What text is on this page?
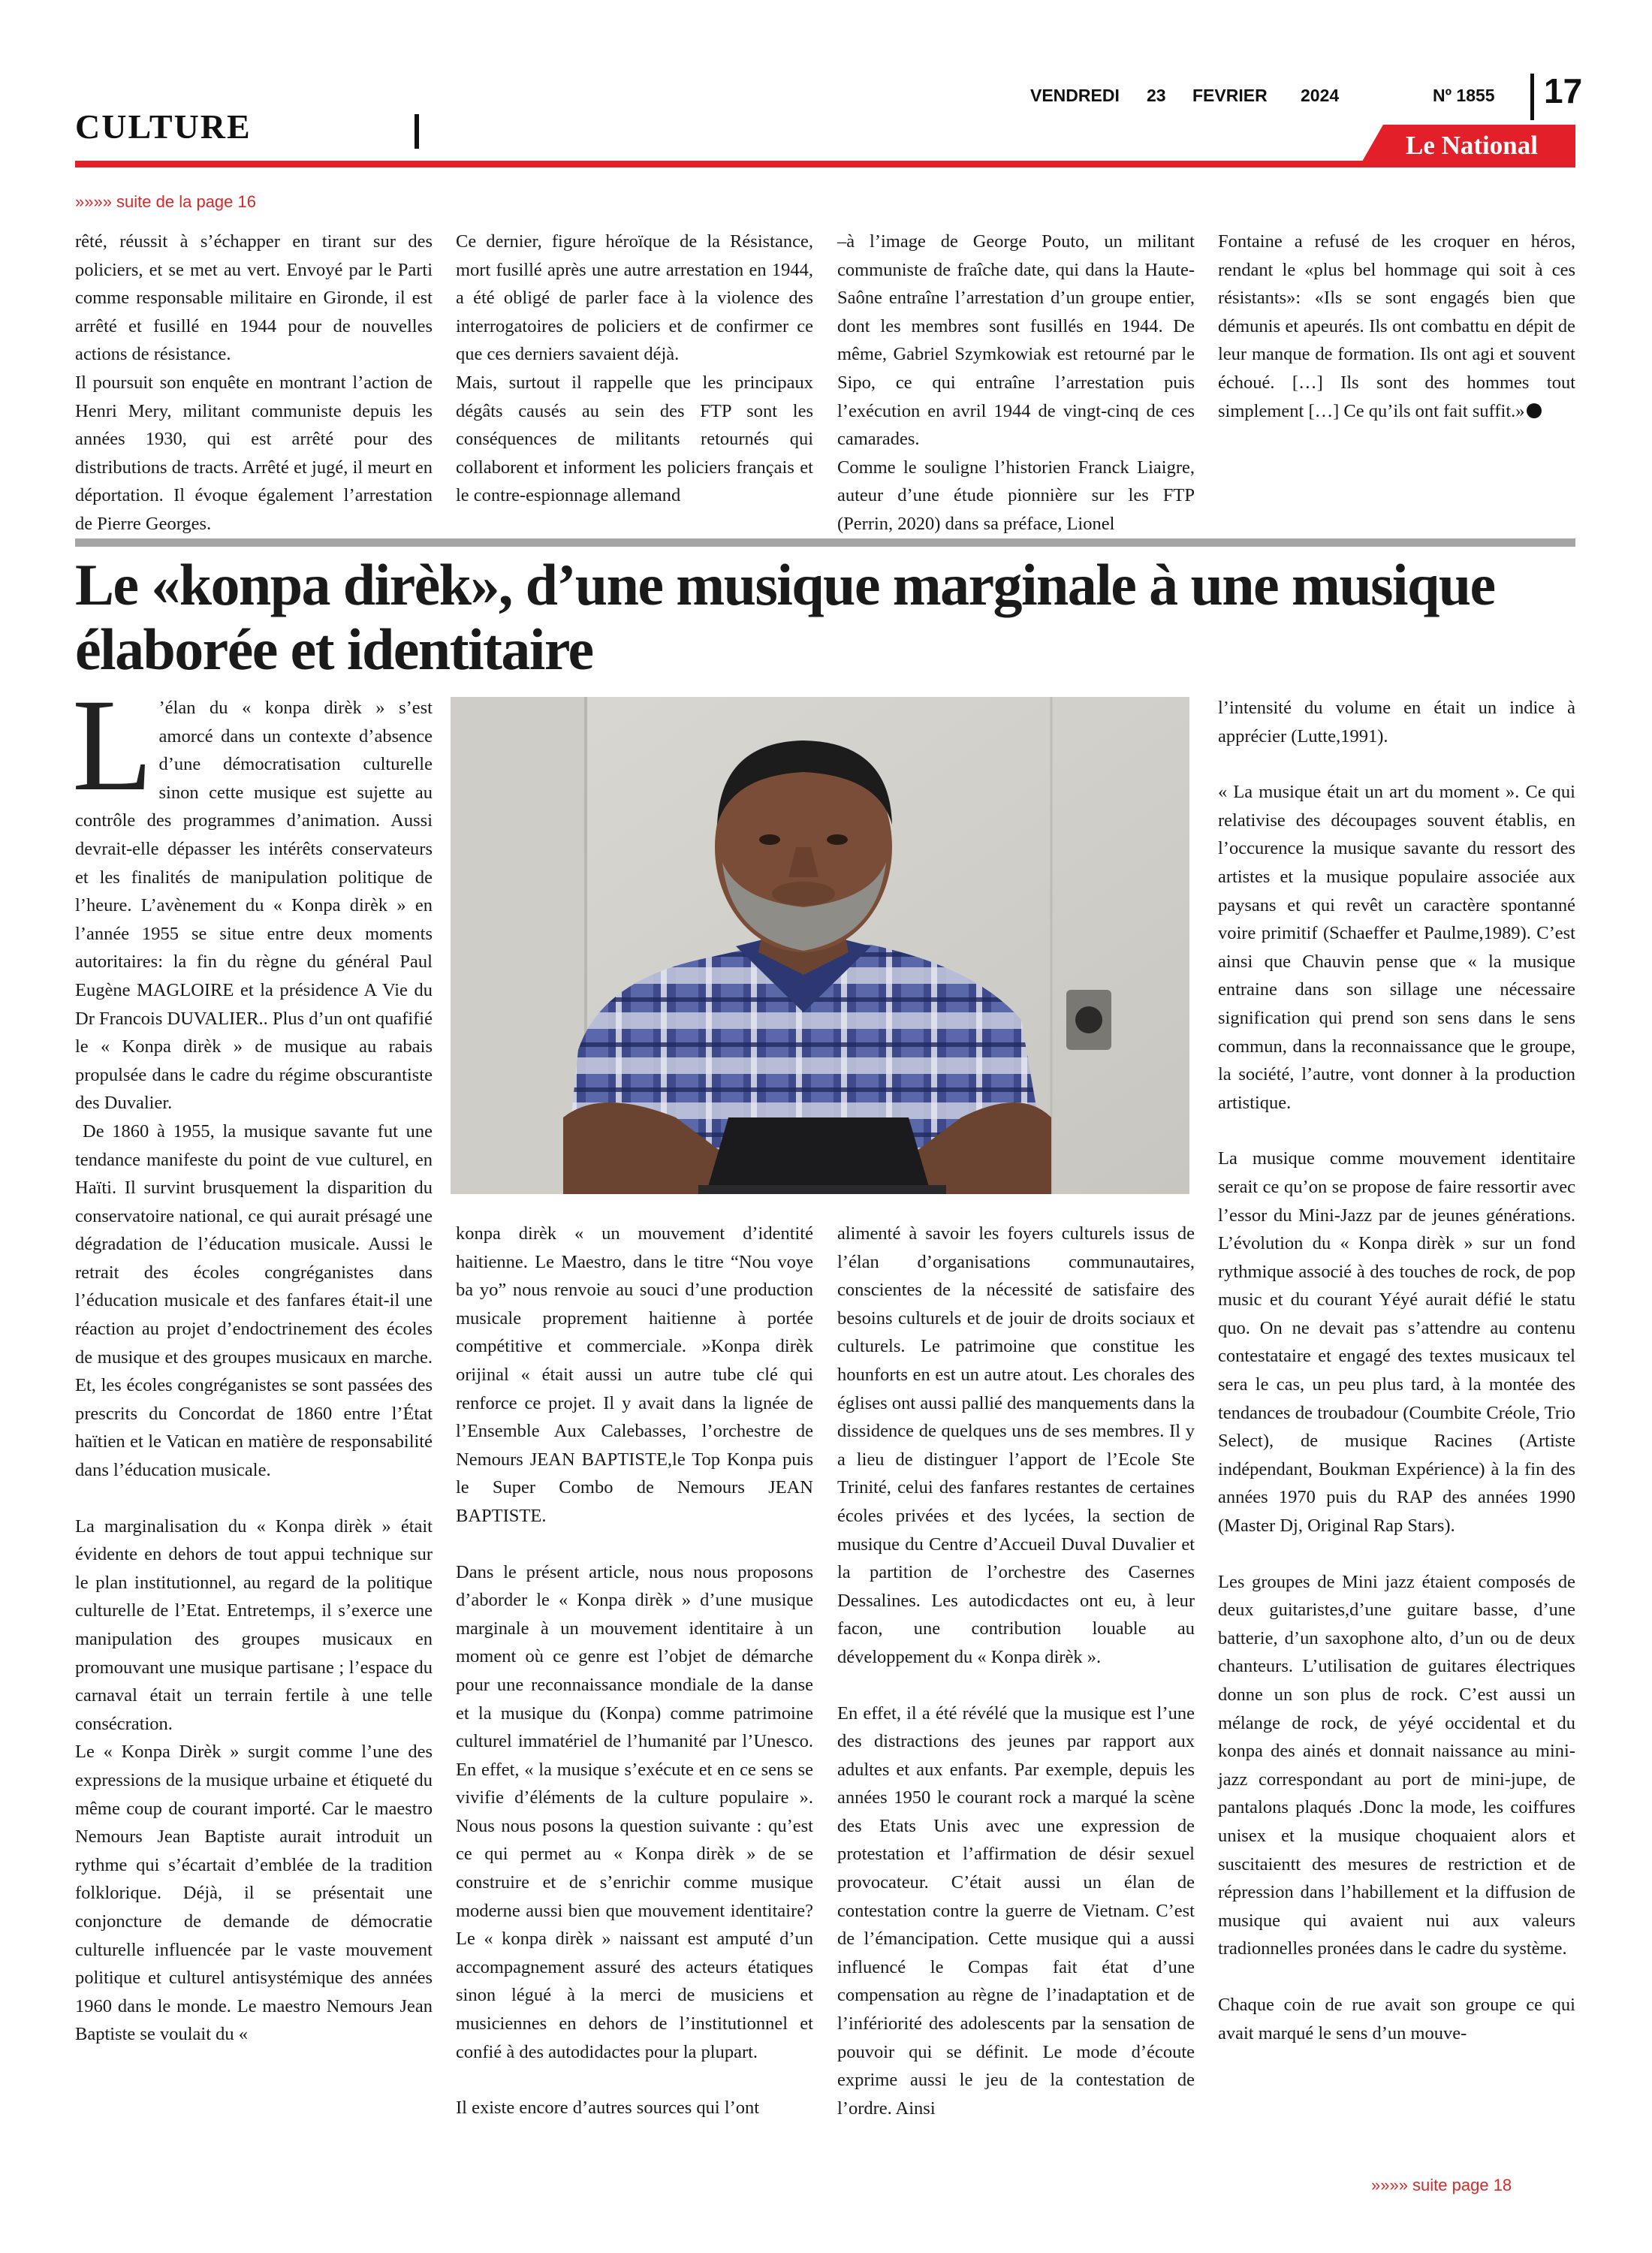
CULTURE
VENDREDI 23 FEVRIER 2024	Nº 1855 17
Le National
»»»» suite de la page 16

rêté, réussit à s’échapper en tirant sur des policiers, et se met au vert. Envoyé par le Parti comme responsable militaire en Gironde, il est arrêté et fusillé en 1944 pour de nouvelles actions de résistance.

Il poursuit son enquête en montrant l’action de Henri Mery, militant communiste depuis les années 1930, qui est arrêté pour des distributions de tracts. Arrêté et jugé, il meurt en déportation. Il évoque également l’arrestation de Pierre Georges.

Ce dernier, figure héroïque de la Résistance, mort fusillé après une autre arrestation en 1944, a été obligé de parler face à la violence des interrogatoires de policiers et de confirmer ce que ces derniers savaient déjà.

Mais, surtout il rappelle que les principaux dégâts causés au sein des FTP sont les conséquences de militants retournés qui collaborent et informent les policiers français et le contre-espionnage allemand

–à l’image de George Pouto, un militant communiste de fraîche date, qui dans la Haute-Saône entraîne l’arrestation d’un groupe entier, dont les membres sont fusillés en 1944. De même, Gabriel Szymkowiak est retourné par le Sipo, ce qui entraîne l’arrestation puis l’exécution en avril 1944 de vingt-cinq de ces camarades.

Comme le souligne l’historien Franck Liaigre, auteur d’une étude pionnière sur les FTP (Perrin, 2020) dans sa préface, Lionel

Fontaine a refusé de les croquer en héros, rendant le «plus bel hommage qui soit à ces résistants»: «Ils se sont engagés bien que démunis et apeurés. Ils ont combattu en dépit de leur manque de formation. Ils ont agi et souvent échoué. […] Ils sont des hommes tout simplement […] Ce qu’ils ont fait suffit.»

Le «konpa dirèk», d’une musique marginale à une musique élaborée et identitaire

L ’élan du « konpa dirèk » s’est amorcé dans un contexte d’absence d’une démocratisation culturelle sinon cette musique est sujette au contrôle des programmes d’animation. Aussi devrait-elle dépasser les intérêts conservateurs et les finalités de manipulation politique de l’heure. L’avènement du « Konpa dirèk » en l’année 1955 se situe entre deux moments autoritaires: la fin du règne du général Paul Eugène MAGLOIRE et la présidence A Vie du Dr Francois DUVALIER.. Plus d’un ont quafifié le « Konpa dirèk » de musique au rabais propulsée dans le cadre du régime obscurantiste des Duvalier.

De 1860 à 1955, la musique savante fut une tendance manifeste du point de vue culturel, en Haïti. Il survint brusquement la disparition du conservatoire national, ce qui aurait présagé une dégradation de l’éducation musicale. Aussi le retrait des écoles congréganistes dans l’éducation musicale et des fanfares était-il une réaction au projet d’endoctrinement des écoles de musique et des groupes musicaux en marche. Et, les écoles congréganistes se sont passées des prescrits du Concordat de 1860 entre l’État haïtien et le Vatican en matière de responsabilité dans l’éducation musicale.

La marginalisation du « Konpa dirèk » était évidente en dehors de tout appui technique sur le plan institutionnel, au regard de la politique culturelle de l’Etat. Entretemps, il s’exerce une manipulation des groupes musicaux en promouvant une musique partisane ; l’espace du carnaval était un terrain fertile à une telle consécration.

Le « Konpa Dirèk » surgit comme l’une des expressions de la musique urbaine et étiqueté du même coup de courant importé. Car le maestro Nemours Jean Baptiste aurait introduit un rythme qui s’écartait d’emblée de la tradition folklorique. Déjà, il se présentait une conjoncture de demande de démocratie culturelle influencée par le vaste mouvement politique et culturel antisystémique des années 1960 dans le monde. Le maestro Nemours Jean Baptiste se voulait du «

konpa dirèk « un mouvement d’identité haitienne. Le Maestro, dans le titre “Nou voye ba yo” nous renvoie au souci d’une production musicale proprement haitienne à portée compétitive et commerciale. »Konpa dirèk orijinal « était aussi un autre tube clé qui renforce ce projet. Il y avait dans la lignée de l’Ensemble Aux Calebasses, l’orchestre de Nemours JEAN BAPTISTE,le Top Konpa puis le Super Combo de Nemours JEAN BAPTISTE.

Dans le présent article, nous nous proposons d’aborder le « Konpa dirèk » d’une musique marginale à un mouvement identitaire à un moment où ce genre est l’objet de démarche pour une reconnaissance mondiale de la danse et la musique du (Konpa) comme patrimoine culturel immatériel de l’humanité par l’Unesco. En effet, « la musique s’exécute et en ce sens se vivifie d’éléments de la culture populaire ». Nous nous posons la question suivante : qu’est ce qui permet au « Konpa dirèk » de se construire et de s’enrichir comme musique moderne aussi bien que mouvement identitaire?Le « konpa dirèk » naissant est amputé d’un accompagnement assuré des acteurs étatiques sinon légué à la merci de musiciens et musiciennes en dehors de l’institutionnel et confié à des autodidactes pour la plupart.

Il existe encore d’autres sources qui l’ont

alimenté à savoir les foyers culturels issus de l’élan d’organisations communautaires, conscientes de la nécessité de satisfaire des besoins culturels et de jouir de droits sociaux et culturels. Le patrimoine que constitue les hounforts en est un autre atout. Les chorales des églises ont aussi pallié des manquements dans la dissidence de quelques uns de ses membres. Il y a lieu de distinguer l’apport de l’Ecole Ste Trinité, celui des fanfares restantes de certaines écoles privées et des lycées, la section de musique du Centre d’Accueil Duval Duvalier et la partition de l’orchestre des Casernes Dessalines. Les autodicdactes ont eu, à leur facon, une contribution louable au développement du « Konpa dirèk ».

En effet, il a été révélé que la musique est l’une des distractions des jeunes par rapport aux adultes et aux enfants. Par exemple, depuis les années 1950 le courant rock a marqué la scène des Etats Unis avec une expression de protestation et l’affirmation de désir sexuel provocateur. C’était aussi un élan de contestation contre la guerre de Vietnam. C’est de l’émancipation. Cette musique qui a aussi influencé le Compas fait état d’une compensation au règne de l’inadaptation et de l’infériorité des adolescents par la sensation de pouvoir qui se définit. Le mode d’écoute exprime aussi le jeu de la contestation de l’ordre. Ainsi

l’intensité du volume en était un indice à apprécier (Lutte,1991).

« La musique était un art du moment ». Ce qui relativise des découpages souvent établis, en l’occurence la musique savante du ressort des artistes et la musique populaire associée aux paysans et qui revêt un caractère spontanné voire primitif (Schaeffer et Paulme,1989). C’est ainsi que Chauvin pense que « la musique entraine dans son sillage une nécessaire signification qui prend son sens dans le sens commun, dans la reconnaissance que le groupe, la société, l’autre, vont donner à la production artistique.

La musique comme mouvement identitaire serait ce qu’on se propose de faire ressortir avec l’essor du Mini-Jazz par de jeunes générations. L’évolution du « Konpa dirèk » sur un fond rythmique associé à des touches de rock, de pop music et du courant Yéyé aurait défié le statu quo. On ne devait pas s’attendre au contenu contestataire et engagé des textes musicaux tel sera le cas, un peu plus tard, à la montée des tendances de troubadour (Coumbite Créole, Trio Select), de musique Racines (Artiste indépendant, Boukman Expérience) à la fin des années 1970 puis du RAP des années 1990 (Master Dj, Original Rap Stars).

Les groupes de Mini jazz étaient composés de deux guitaristes,d’une guitare basse, d’une batterie, d’un saxophone alto, d’un ou de deux chanteurs. L’utilisation de guitares électriques donne un son plus de rock. C’est aussi un mélange de rock, de yéyé occidental et du konpa des ainés et donnait naissance au mini-jazz correspondant au port de mini-jupe, de pantalons plaqués .Donc la mode, les coiffures unisex et la musique choquaient alors et suscitaientt des mesures de restriction et de répression dans l’habillement et la diffusion de musique qui avaient nui aux valeurs tradionnelles pronées dans le cadre du système.

Chaque coin de rue avait son groupe ce qui avait marqué le sens d’un mouve-

»»»» suite page 18
